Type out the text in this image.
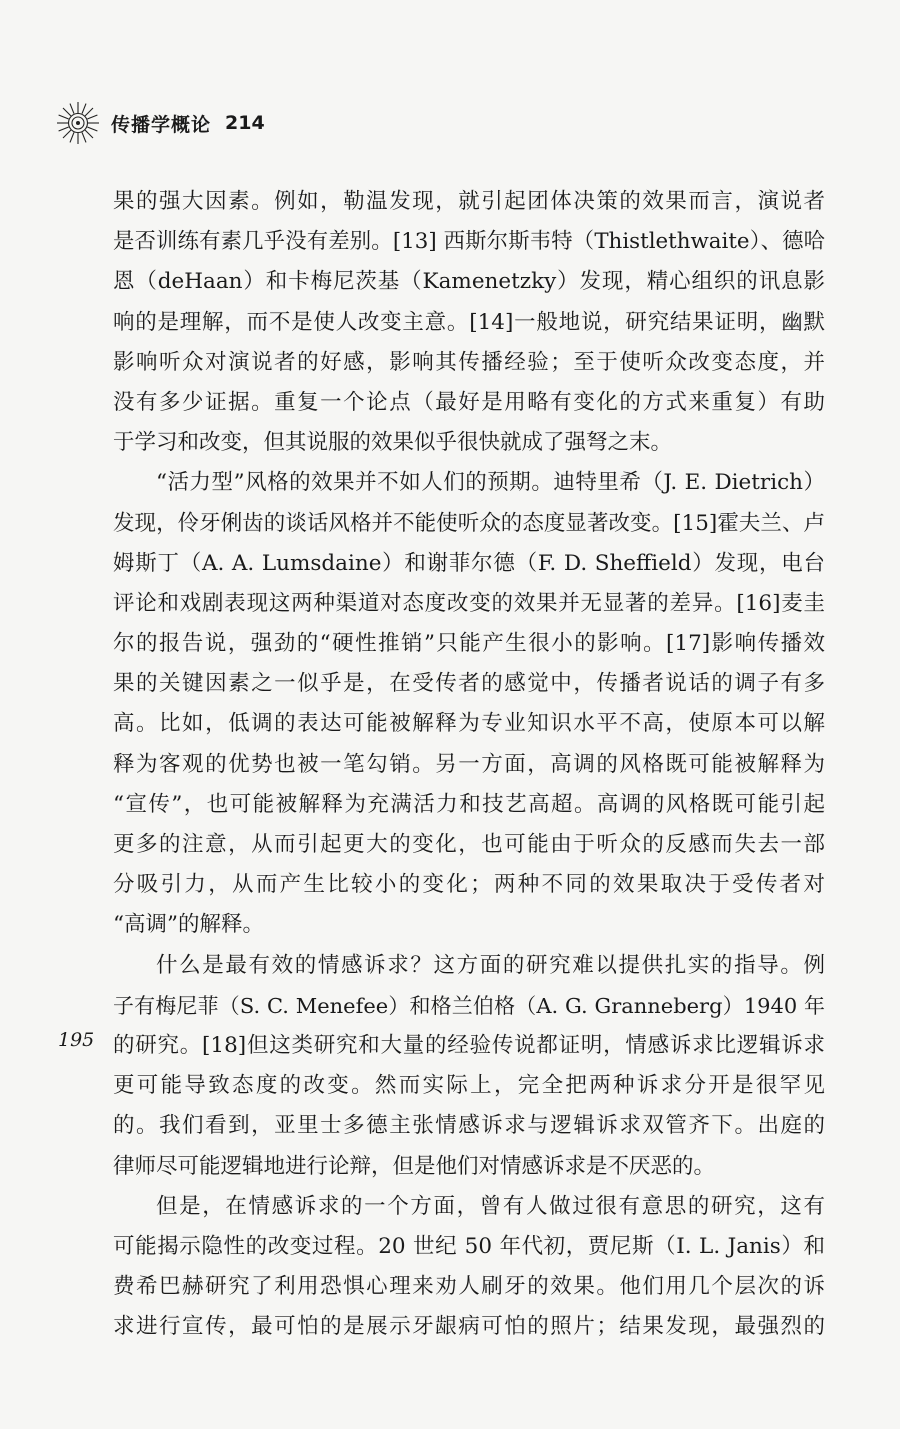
传播学概论 214
195
果的强大因素。例如，勒温发现，就引起团体决策的效果而言，演说者
是否训练有素几乎没有差别。[13] 西斯尔斯韦特（Thistlethwaite）、德哈
恩（deHaan）和卡梅尼茨基（Kamenetzky）发现，精心组织的讯息影
响的是理解，而不是使人改变主意。[14]一般地说，研究结果证明，幽默
影响听众对演说者的好感，影响其传播经验；至于使听众改变态度，并
没有多少证据。重复一个论点（最好是用略有变化的方式来重复）有助
于学习和改变，但其说服的效果似乎很快就成了强弩之末。
“活力型”风格的效果并不如人们的预期。迪特里希（J. E. Dietrich）
发现，伶牙俐齿的谈话风格并不能使听众的态度显著改变。[15]霍夫兰、卢
姆斯丁（A. A. Lumsdaine）和谢菲尔德（F. D. Sheffield）发现，电台
评论和戏剧表现这两种渠道对态度改变的效果并无显著的差异。[16]麦圭
尔的报告说，强劲的“硬性推销”只能产生很小的影响。[17]影响传播效
果的关键因素之一似乎是，在受传者的感觉中，传播者说话的调子有多
高。比如，低调的表达可能被解释为专业知识水平不高，使原本可以解
释为客观的优势也被一笔勾销。另一方面，高调的风格既可能被解释为
“宣传”，也可能被解释为充满活力和技艺高超。高调的风格既可能引起
更多的注意，从而引起更大的变化，也可能由于听众的反感而失去一部
分吸引力，从而产生比较小的变化；两种不同的效果取决于受传者对
“高调”的解释。
什么是最有效的情感诉求？这方面的研究难以提供扎实的指导。例
子有梅尼菲（S. C. Menefee）和格兰伯格（A. G. Granneberg）1940 年
的研究。[18]但这类研究和大量的经验传说都证明，情感诉求比逻辑诉求
更可能导致态度的改变。然而实际上，完全把两种诉求分开是很罕见
的。我们看到，亚里士多德主张情感诉求与逻辑诉求双管齐下。出庭的
律师尽可能逻辑地进行论辩，但是他们对情感诉求是不厌恶的。
但是，在情感诉求的一个方面，曾有人做过很有意思的研究，这有
可能揭示隐性的改变过程。20 世纪 50 年代初，贾尼斯（I. L. Janis）和
费希巴赫研究了利用恐惧心理来劝人刷牙的效果。他们用几个层次的诉
求进行宣传，最可怕的是展示牙龈病可怕的照片；结果发现，最强烈的
